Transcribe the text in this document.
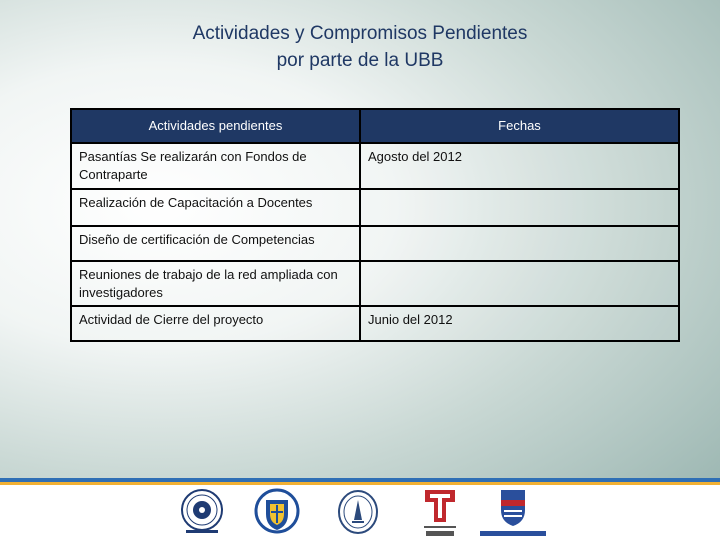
Actividades y Compromisos Pendientes
por parte de la UBB
Actividades pendientes	Fechas
Pasantías Se realizarán con Fondos de Contraparte	Agosto del 2012
Realización de Capacitación a Docentes	
Diseño de certificación de Competencias	
Reuniones de trabajo de la red ampliada con investigadores	
Actividad de Cierre del proyecto	Junio del 2012
